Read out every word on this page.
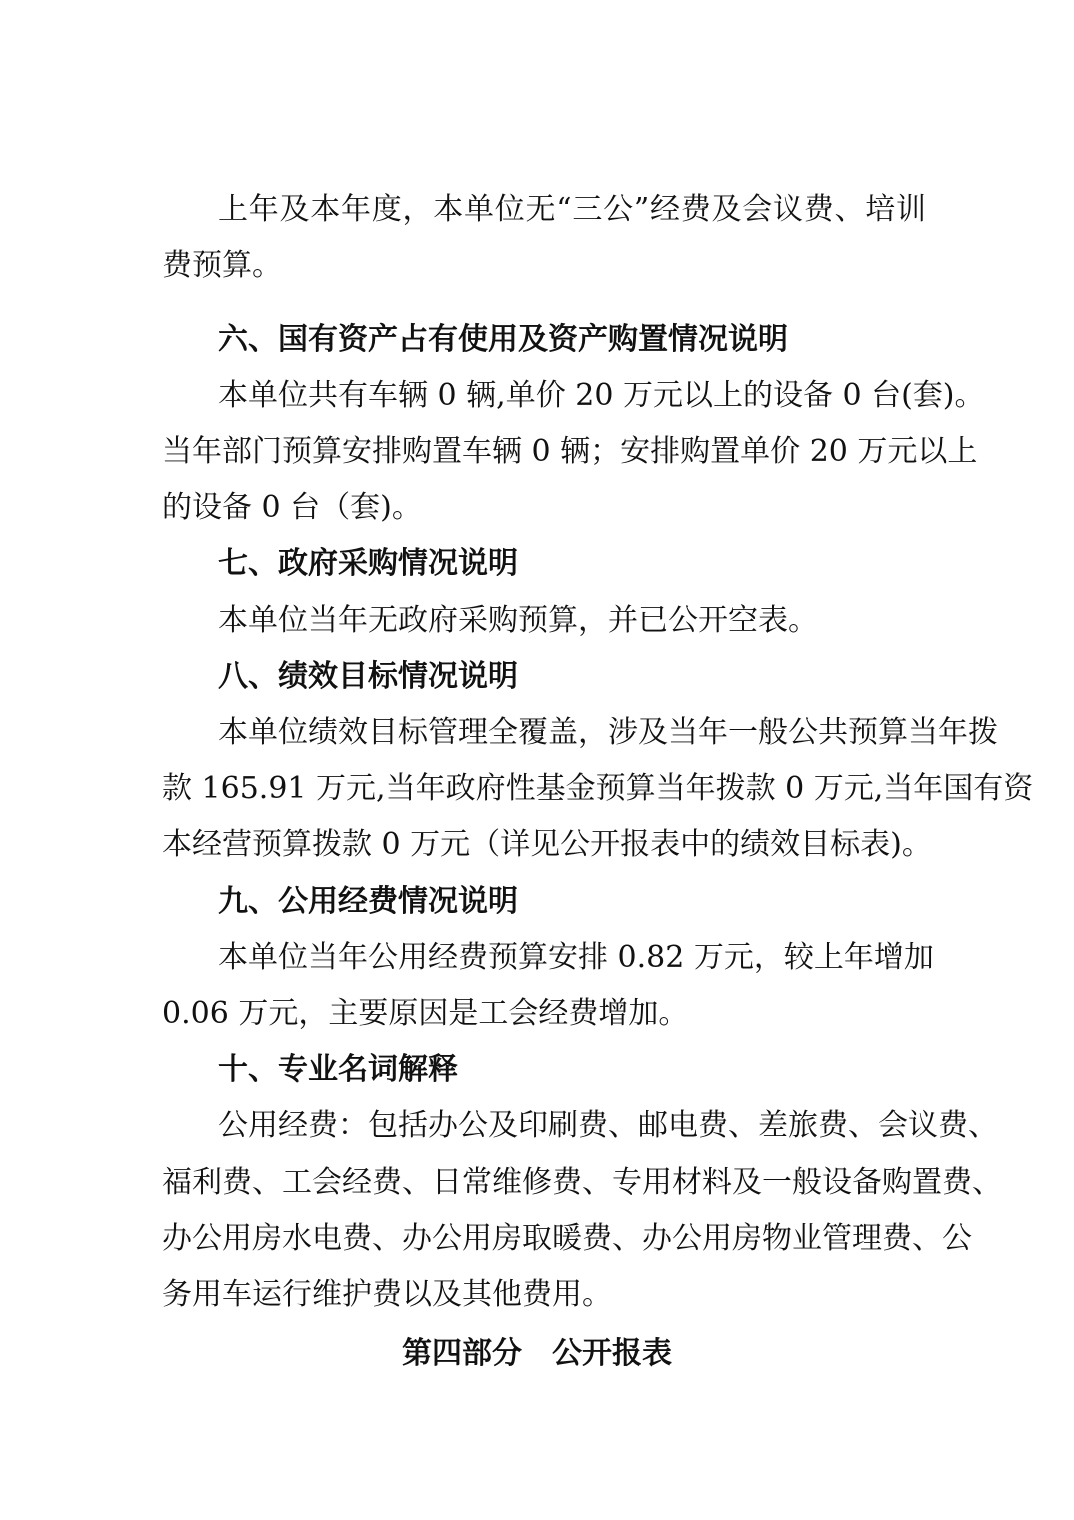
上年及本年度，本单位无“三公”经费及会议费、培训
费预算。
六、国有资产占有使用及资产购置情况说明
本单位共有车辆 0 辆,单价 20 万元以上的设备 0 台(套)。
当年部门预算安排购置车辆 0 辆；安排购置单价 20 万元以上
的设备 0 台（套)。
七、政府采购情况说明
本单位当年无政府采购预算，并已公开空表。
八、绩效目标情况说明
本单位绩效目标管理全覆盖，涉及当年一般公共预算当年拨
款 165.91 万元,当年政府性基金预算当年拨款 0 万元,当年国有资
本经营预算拨款 0 万元（详见公开报表中的绩效目标表)。
九、公用经费情况说明
本单位当年公用经费预算安排 0.82 万元，较上年增加
0.06 万元，主要原因是工会经费增加。
十、专业名词解释
公用经费：包括办公及印刷费、邮电费、差旅费、会议费、
福利费、工会经费、日常维修费、专用材料及一般设备购置费、
办公用房水电费、办公用房取暖费、办公用房物业管理费、公
务用车运行维护费以及其他费用。
第四部分　公开报表
